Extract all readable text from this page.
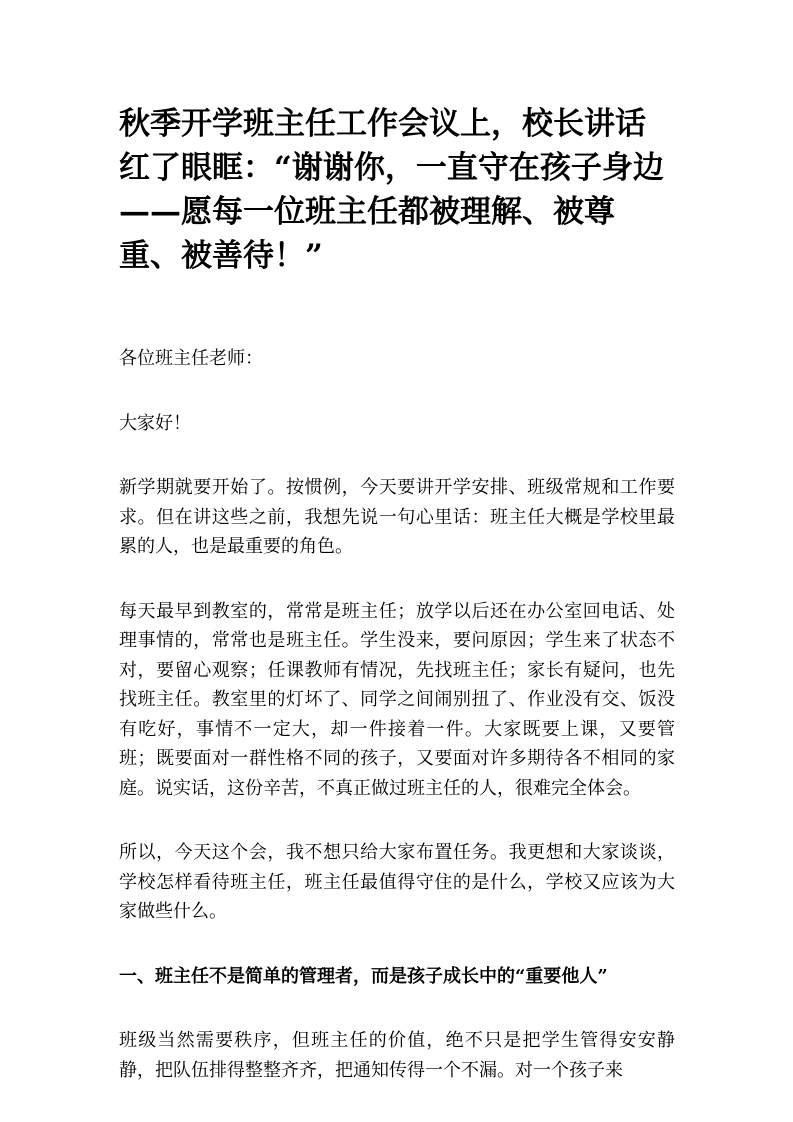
秋季开学班主任工作会议上，校长讲话红了眼眶：“谢谢你，一直守在孩子身边——愿每一位班主任都被理解、被尊重、被善待！”

各位班主任老师：

大家好！

新学期就要开始了。按惯例，今天要讲开学安排、班级常规和工作要求。但在讲这些之前，我想先说一句心里话：班主任大概是学校里最累的人，也是最重要的角色。

每天最早到教室的，常常是班主任；放学以后还在办公室回电话、处理事情的，常常也是班主任。学生没来，要问原因；学生来了状态不对，要留心观察；任课教师有情况，先找班主任；家长有疑问，也先找班主任。教室里的灯坏了、同学之间闹别扭了、作业没有交、饭没有吃好，事情不一定大，却一件接着一件。大家既要上课，又要管班；既要面对一群性格不同的孩子，又要面对许多期待各不相同的家庭。说实话，这份辛苦，不真正做过班主任的人，很难完全体会。

所以，今天这个会，我不想只给大家布置任务。我更想和大家谈谈，学校怎样看待班主任，班主任最值得守住的是什么，学校又应该为大家做些什么。

一、班主任不是简单的管理者，而是孩子成长中的“重要他人”

班级当然需要秩序，但班主任的价值，绝不只是把学生管得安安静静，把队伍排得整整齐齐，把通知传得一个不漏。对一个孩子来
